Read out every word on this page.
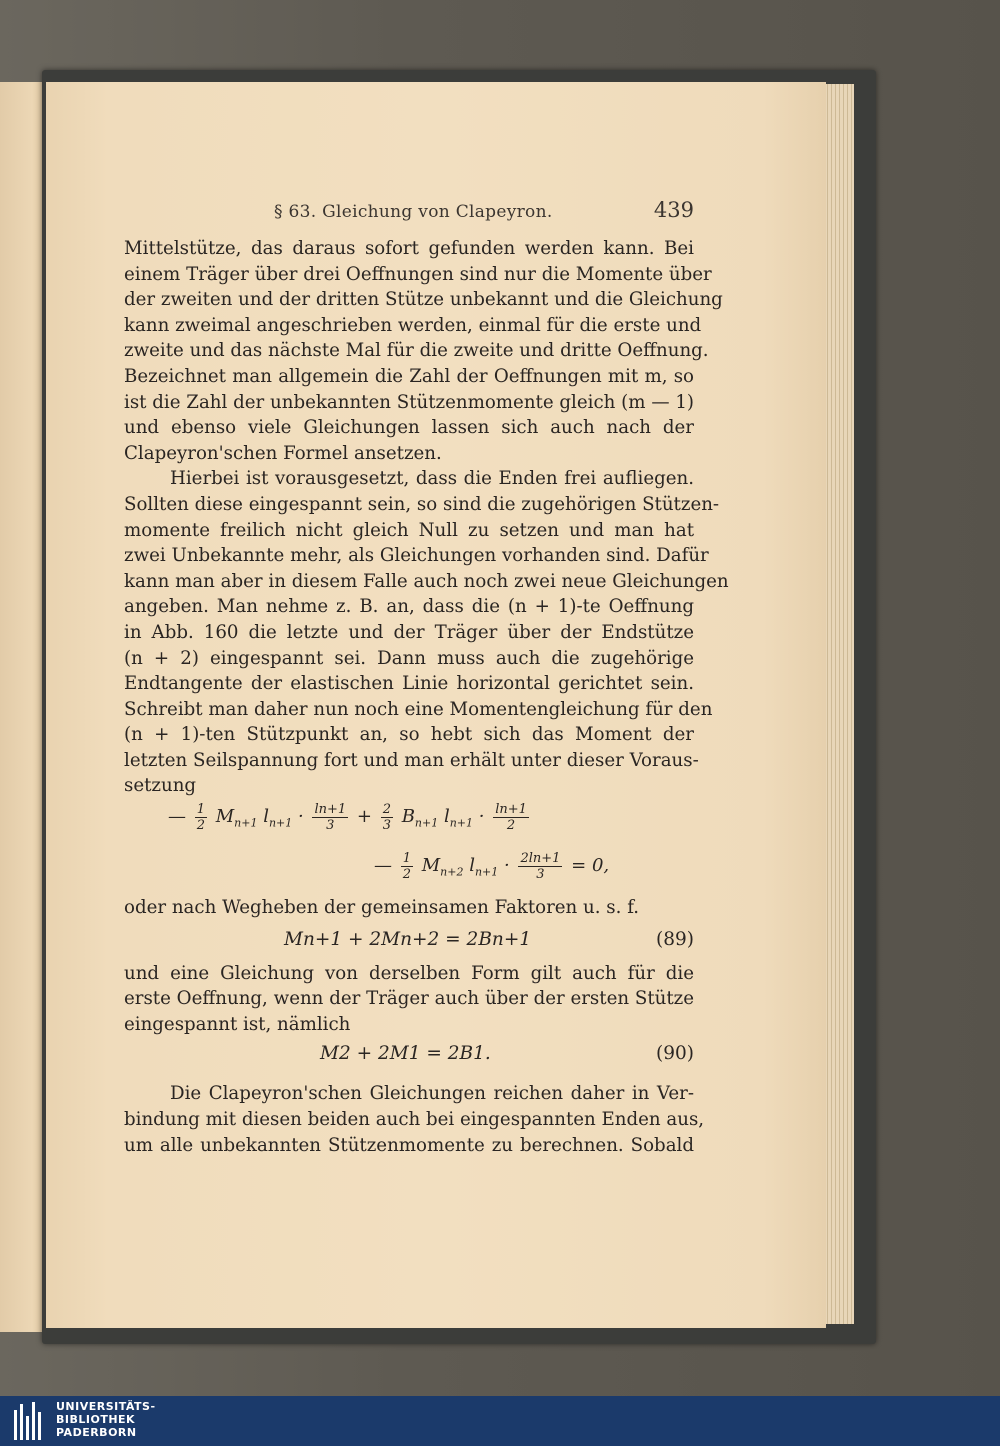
§ 63. Gleichung von Clapeyron.	439

Mittelstütze, das daraus sofort gefunden werden kann. Bei
einem Träger über drei Oeffnungen sind nur die Momente über
der zweiten und der dritten Stütze unbekannt und die Gleichung
kann zweimal angeschrieben werden, einmal für die erste und
zweite und das nächste Mal für die zweite und dritte Oeffnung.
Bezeichnet man allgemein die Zahl der Oeffnungen mit m, so
ist die Zahl der unbekannten Stützenmomente gleich (m — 1)
und ebenso viele Gleichungen lassen sich auch nach der
Clapeyron'schen Formel ansetzen.

Hierbei ist vorausgesetzt, dass die Enden frei aufliegen.
Sollten diese eingespannt sein, so sind die zugehörigen Stützen-
momente freilich nicht gleich Null zu setzen und man hat
zwei Unbekannte mehr, als Gleichungen vorhanden sind. Dafür
kann man aber in diesem Falle auch noch zwei neue Gleichungen
angeben. Man nehme z. B. an, dass die (n + 1)-te Oeffnung
in Abb. 160 die letzte und der Träger über der Endstütze
(n + 2) eingespannt sei. Dann muss auch die zugehörige
Endtangente der elastischen Linie horizontal gerichtet sein.
Schreibt man daher nun noch eine Momentengleichung für den
(n + 1)-ten Stützpunkt an, so hebt sich das Moment der
letzten Seilspannung fort und man erhält unter dieser Voraus-
setzung

— $\frac{1}{2} M_{n+1}$ $l_{n+1} \cdot \frac{\ln+1}{3} + \frac{2}{3} B_{n+1}$ $l_{n+1} \cdot \frac{\ln+1}{2}$
— $\frac{1}{2} M_{n+2}$ $l_{n+1} \cdot \frac{2\ln+1}{3} = 0$,

oder nach Wegheben der gemeinsamen Faktoren u. s. f.

Mn+1 + 2Mn+2 = 2Bn+1	(89)

und eine Gleichung von derselben Form gilt auch für die
erste Oeffnung, wenn der Träger auch über der ersten Stütze
eingespannt ist, nämlich

M2 + 2M1 = 2B1.	(90)

Die Clapeyron'schen Gleichungen reichen daher in Ver-
bindung mit diesen beiden auch bei eingespannten Enden aus,
um alle unbekannten Stützenmomente zu berechnen. Sobald

UNIVERSITÄTS-
BIBLIOTHEK
PADERBORN
